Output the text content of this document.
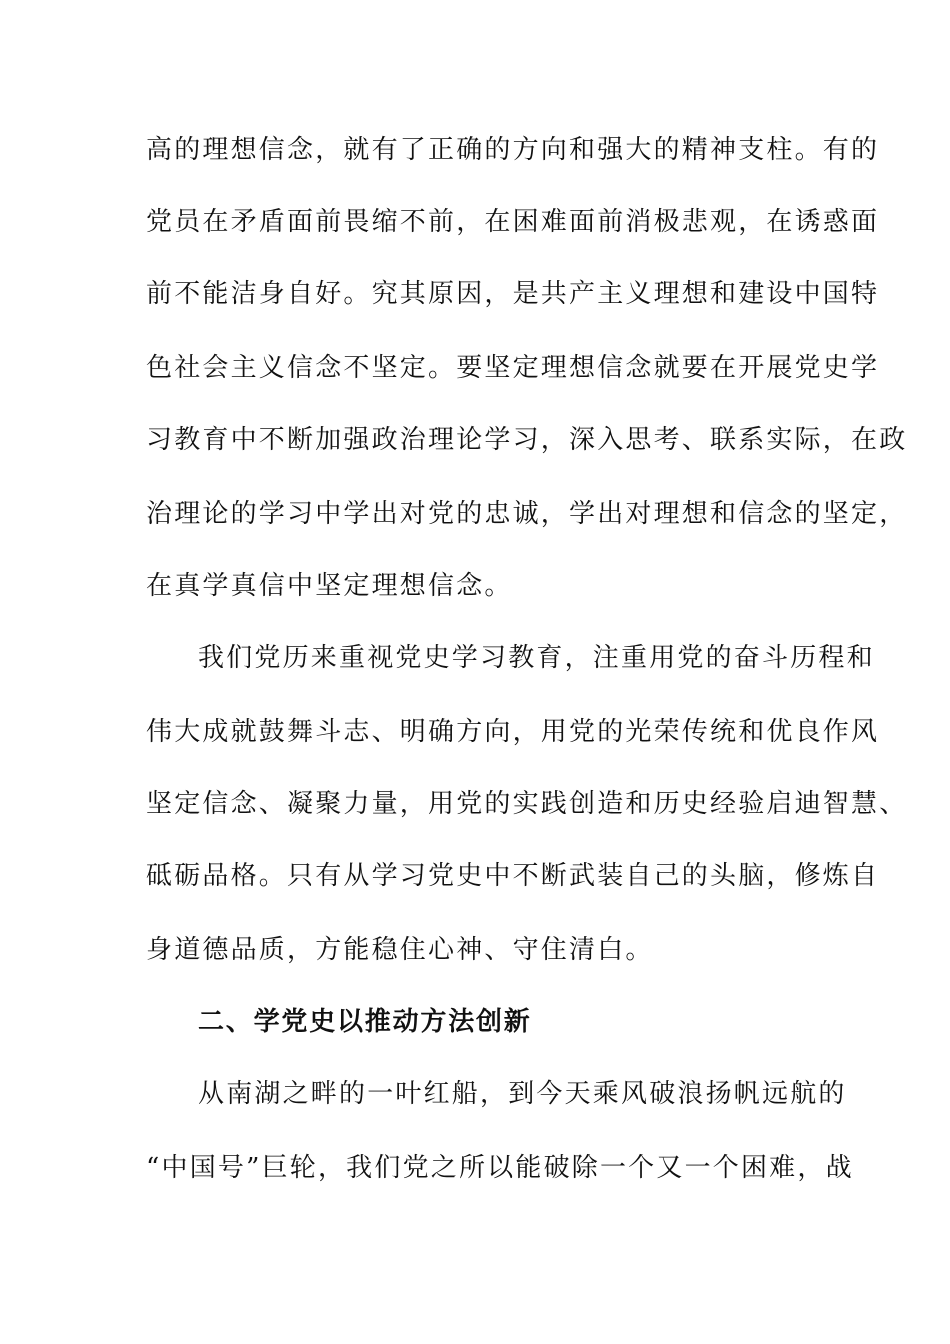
高的理想信念，就有了正确的方向和强大的精神支柱。有的
党员在矛盾面前畏缩不前，在困难面前消极悲观，在诱惑面
前不能洁身自好。究其原因，是共产主义理想和建设中国特
色社会主义信念不坚定。要坚定理想信念就要在开展党史学
习教育中不断加强政治理论学习，深入思考、联系实际，在政
治理论的学习中学出对党的忠诚，学出对理想和信念的坚定，
在真学真信中坚定理想信念。
我们党历来重视党史学习教育，注重用党的奋斗历程和
伟大成就鼓舞斗志、明确方向，用党的光荣传统和优良作风
坚定信念、凝聚力量，用党的实践创造和历史经验启迪智慧、
砥砺品格。只有从学习党史中不断武装自己的头脑，修炼自
身道德品质，方能稳住心神、守住清白。
二、学党史以推动方法创新
从南湖之畔的一叶红船，到今天乘风破浪扬帆远航的
“中国号”巨轮，我们党之所以能破除一个又一个困难，战
